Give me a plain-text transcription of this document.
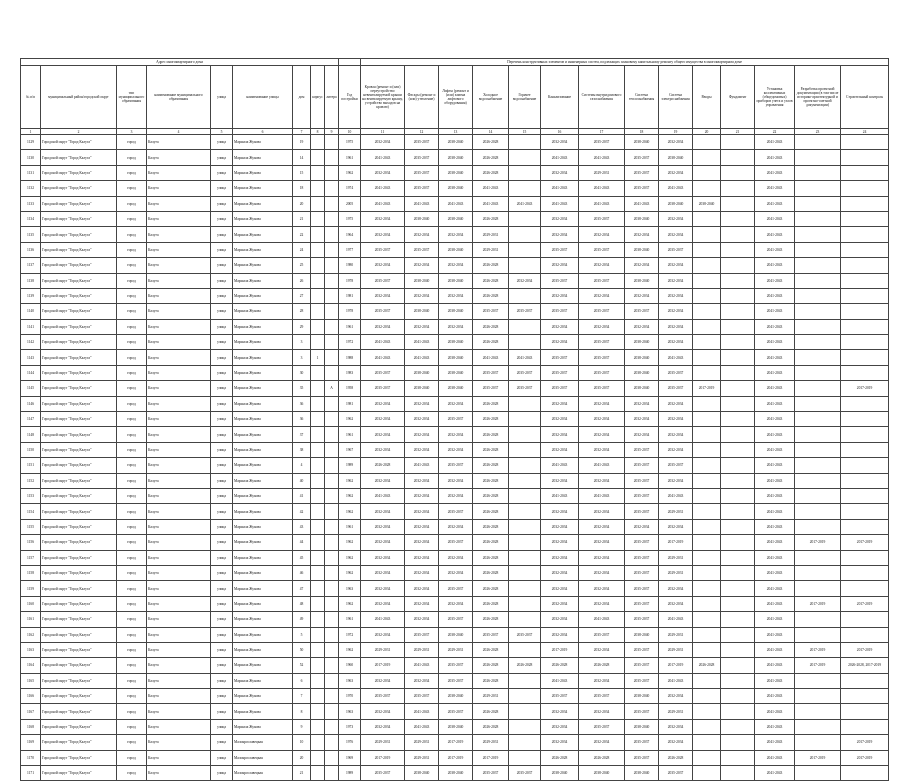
Адрес многоквартирного дома										Перечень конструктивных элементов и инженерных систем, подлежащих плановому капитальному ремонту общего имущества в многоквартирном доме													
№ п/п	муниципальный район/городской округ	тип муниципального образования	наименование муниципального образования	улица	наименование улицы	дом	корпус	литера	Год постройки	Кровля (ремонт и (или) переустройство невентилируемой крыши на вентилируемую крышу, устройство выходов на кровлю)	Фасады (ремонт и (или) утепление)	Лифты (ремонт и (или) замена лифтового оборудования)	Холодное водоснабжение	Горячее водоснабжение	Канализование	Системы внутридомового газоснабжения	Система теплоснабжения	Система электроснабжения	Вводы	Фундамент	Установка коллективных (общедомовых) приборов учета и узлов управления	Разработка проектной документации (в том числе историко-архитектурной и проектно-сметной документации)	Строительный контроль
1	2	3	4	5	6	7	8	9	10	11	12	13	14	15	16	17	18	19	20	21	22	23	24
1129	Городской округ "Город Калуга"	город	Калуга	улица	Маршала Жукова	19			1975	2032-2034	2035-2037	2038-2040	2026-2028		2032-2034	2035-2037	2038-2040	2032-2034			2041-2043		
1130	Городской округ "Город Калуга"	город	Калуга	улица	Маршала Жукова	14			1961	2041-2043	2035-2037	2038-2040	2026-2028		2041-2043	2041-2043	2035-2037	2038-2040			2041-2043		
1131	Городской округ "Город Калуга"	город	Калуга	улица	Маршала Жукова	15			1962	2032-2034	2035-2037	2038-2040	2026-2028		2032-2034	2029-2031	2035-2037	2032-2034			2041-2043		
1132	Городской округ "Город Калуга"	город	Калуга	улица	Маршала Жукова	18			1974	2041-2043	2035-2037	2038-2040	2041-2043		2041-2043	2041-2043	2035-2037	2041-2043			2041-2043		
1133	Городской округ "Город Калуга"	город	Калуга	улица	Маршала Жукова	20			2005	2041-2043	2041-2043	2041-2043	2041-2043	2041-2043	2041-2043	2041-2043	2041-2043	2038-2040	2038-2040		2041-2043		
1134	Городской округ "Город Калуга"	город	Калуга	улица	Маршала Жукова	21			1975	2032-2034	2038-2040	2038-2040	2026-2028		2032-2034	2035-2037	2038-2040	2032-2034			2041-2043		
1135	Городской округ "Город Калуга"	город	Калуга	улица	Маршала Жукова	22			1964	2032-2034	2032-2034	2032-2034	2029-2031		2032-2034	2032-2034	2032-2034	2032-2034			2041-2043		
1136	Городской округ "Город Калуга"	город	Калуга	улица	Маршала Жукова	24			1977	2035-2037	2035-2037	2038-2040	2029-2031		2035-2037	2035-2037	2038-2040	2035-2037			2041-2043		
1137	Городской округ "Город Калуга"	город	Калуга	улица	Маршала Жукова	25			1980	2032-2034	2032-2034	2032-2034	2026-2028		2032-2034	2032-2034	2032-2034	2032-2034			2041-2043		
1138	Городской округ "Город Калуга"	город	Калуга	улица	Маршала Жукова	26			1978	2035-2037	2038-2040	2038-2040	2026-2028	2032-2034	2035-2037	2035-2037	2038-2040	2032-2034			2041-2043		
1139	Городской округ "Город Калуга"	город	Калуга	улица	Маршала Жукова	27			1981	2032-2034	2032-2034	2032-2034	2026-2028		2032-2034	2032-2034	2032-2034	2032-2034			2041-2043		
1140	Городской округ "Город Калуга"	город	Калуга	улица	Маршала Жукова	28			1978	2035-2037	2038-2040	2038-2040	2035-2037	2035-2037	2035-2037	2035-2037	2035-2037	2032-2034			2041-2043		
1141	Городской округ "Город Калуга"	город	Калуга	улица	Маршала Жукова	29			1961	2032-2034	2032-2034	2032-2034	2026-2028		2032-2034	2032-2034	2032-2034	2032-2034			2041-2043		
1142	Городской округ "Город Калуга"	город	Калуга	улица	Маршала Жукова	3			1972	2041-2043	2041-2043	2038-2040	2026-2028		2032-2034	2035-2037	2038-2040	2032-2034			2041-2043		
1143	Городской округ "Город Калуга"	город	Калуга	улица	Маршала Жукова	3	1		1988	2041-2043	2041-2043	2038-2040	2041-2043	2041-2043	2035-2037	2035-2037	2038-2040	2041-2043			2041-2043		
1144	Городской округ "Город Калуга"	город	Калуга	улица	Маршала Жукова	30			1983	2035-2037	2038-2040	2038-2040	2035-2037	2035-2037	2035-2037	2035-2037	2038-2040	2035-2037			2041-2043		
1145	Городской округ "Город Калуга"	город	Калуга	улица	Маршала Жукова	35		А	1958	2035-2037	2038-2040	2038-2040	2035-2037	2035-2037	2035-2037	2035-2037	2038-2040	2035-2037	2017-2019		2041-2043		2017-2019
1146	Городской округ "Город Калуга"	город	Калуга	улица	Маршала Жукова	36			1981	2032-2034	2032-2034	2032-2034	2026-2028		2032-2034	2032-2034	2032-2034	2032-2034			2041-2043		
1147	Городской округ "Город Калуга"	город	Калуга	улица	Маршала Жукова	36			1962	2032-2034	2032-2034	2035-2037	2026-2028		2032-2034	2032-2034	2032-2034	2032-2034			2041-2043		
1148	Городской округ "Город Калуга"	город	Калуга	улица	Маршала Жукова	37			1961	2032-2034	2032-2034	2032-2034	2026-2028		2032-2034	2032-2034	2032-2034	2032-2034			2041-2043		
1150	Городской округ "Город Калуга"	город	Калуга	улица	Маршала Жукова	38			1967	2032-2034	2032-2034	2032-2034	2026-2028		2032-2034	2032-2034	2035-2037	2032-2034			2041-2043		
1151	Городской округ "Город Калуга"	город	Калуга	улица	Маршала Жукова	4			1989	2026-2028	2041-2043	2035-2037	2026-2028		2041-2043	2041-2043	2035-2037	2035-2037			2041-2043		
1152	Городской округ "Город Калуга"	город	Калуга	улица	Маршала Жукова	40			1962	2032-2034	2032-2034	2032-2034	2026-2028		2032-2034	2032-2034	2035-2037	2032-2034			2041-2043		
1153	Городской округ "Город Калуга"	город	Калуга	улица	Маршала Жукова	41			1962	2041-2043	2032-2034	2032-2034	2026-2028		2041-2043	2041-2043	2035-2037	2041-2043			2041-2043		
1154	Городской округ "Город Калуга"	город	Калуга	улица	Маршала Жукова	42			1962	2032-2034	2032-2034	2035-2037	2026-2028		2032-2034	2032-2034	2035-2037	2029-2031			2041-2043		
1155	Городской округ "Город Калуга"	город	Калуга	улица	Маршала Жукова	43			1961	2032-2034	2032-2034	2032-2034	2026-2028		2032-2034	2032-2034	2032-2034	2032-2034			2041-2043		
1156	Городской округ "Город Калуга"	город	Калуга	улица	Маршала Жукова	44			1962	2032-2034	2032-2034	2035-2037	2026-2028		2032-2034	2032-2034	2035-2037	2017-2019			2041-2043	2017-2019	2017-2019
1157	Городской округ "Город Калуга"	город	Калуга	улица	Маршала Жукова	45			1962	2032-2034	2032-2034	2032-2034	2026-2028		2032-2034	2032-2034	2035-2037	2029-2031			2041-2043		
1158	Городской округ "Город Калуга"	город	Калуга	улица	Маршала Жукова	46			1962	2032-2034	2032-2034	2032-2034	2026-2028		2032-2034	2032-2034	2035-2037	2029-2031			2041-2043		
1159	Городской округ "Город Калуга"	город	Калуга	улица	Маршала Жукова	47			1963	2032-2034	2032-2034	2035-2037	2026-2028		2032-2034	2032-2034	2035-2037	2032-2034			2041-2043		
1160	Городской округ "Город Калуга"	город	Калуга	улица	Маршала Жукова	48			1962	2032-2034	2032-2034	2032-2034	2026-2028		2032-2034	2032-2034	2035-2037	2032-2034			2041-2043	2017-2019	2017-2019
1161	Городской округ "Город Калуга"	город	Калуга	улица	Маршала Жукова	49			1961	2041-2043	2032-2034	2035-2037	2026-2028		2032-2034	2041-2043	2035-2037	2041-2043			2041-2043		
1162	Городской округ "Город Калуга"	город	Калуга	улица	Маршала Жукова	5			1972	2032-2034	2035-2037	2038-2040	2035-2037	2035-2037	2032-2034	2035-2037	2038-2040	2029-2031			2041-2043		
1163	Городской округ "Город Калуга"	город	Калуга	улица	Маршала Жукова	50			1962	2029-2031	2029-2031	2029-2031	2026-2028		2017-2019	2032-2034	2035-2037	2029-2031			2041-2043	2017-2019	2017-2019
1164	Городской округ "Город Калуга"	город	Калуга	улица	Маршала Жукова	52			1960	2017-2019	2041-2043	2035-2037	2026-2028	2026-2028	2026-2028	2026-2028	2035-2037	2017-2019	2026-2028		2041-2043	2017-2019	2026-2028, 2017-2019
1165	Городской округ "Город Калуга"	город	Калуга	улица	Маршала Жукова	6			1963	2032-2034	2032-2034	2035-2037	2026-2028		2041-2043	2032-2034	2035-2037	2041-2043			2041-2043		
1166	Городской округ "Город Калуга"	город	Калуга	улица	Маршала Жукова	7			1970	2035-2037	2035-2037	2038-2040	2029-2031		2035-2037	2035-2037	2038-2040	2032-2034			2041-2043		
1167	Городской округ "Город Калуга"	город	Калуга	улица	Маршала Жукова	8			1963	2032-2034	2041-2043	2035-2037	2026-2028		2032-2034	2032-2034	2035-2037	2029-2031			2041-2043		
1168	Городской округ "Город Калуга"	город	Калуга	улица	Маршала Жукова	9			1973	2032-2034	2041-2043	2038-2040	2026-2028		2032-2034	2035-2037	2038-2040	2032-2034			2041-2043		
1169	Городской округ "Город Калуга"	город	Калуга	улица	Малоярославецкая	10			1976	2029-2031	2029-2031	2017-2019	2029-2031		2032-2034	2032-2034	2035-2037	2032-2034			2041-2043		2017-2019
1170	Городской округ "Город Калуга"	город	Калуга	улица	Малоярославецкая	20			1969	2017-2019	2029-2031	2017-2019	2017-2019		2026-2028	2026-2028	2035-2037	2026-2028			2041-2043	2017-2019	2017-2019
1171	Городской округ "Город Калуга"	город	Калуга	улица	Малоярославецкая	21			1989	2035-2037	2038-2040	2038-2040	2035-2037	2035-2037	2038-2040	2038-2040	2038-2040	2035-2037			2041-2043		
